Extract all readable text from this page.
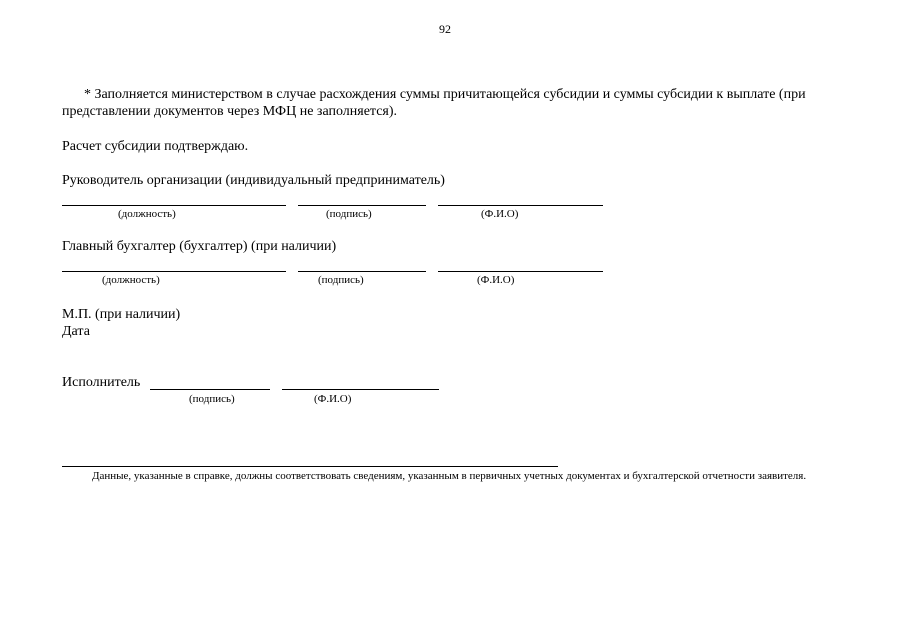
92
* Заполняется министерством в случае расхождения суммы причитающейся субсидии и суммы субсидии к выплате (при представлении документов через МФЦ не заполняется).
Расчет субсидии подтверждаю.
Руководитель организации (индивидуальный предприниматель)
(должность)	(подпись)	(Ф.И.О)
Главный бухгалтер (бухгалтер) (при наличии)
(должность)	(подпись)	(Ф.И.О)
М.П. (при наличии)
Дата
Исполнитель
(подпись)	(Ф.И.О)
Данные, указанные в справке, должны соответствовать сведениям, указанным в первичных учетных документах и бухгалтерской отчетности заявителя.
